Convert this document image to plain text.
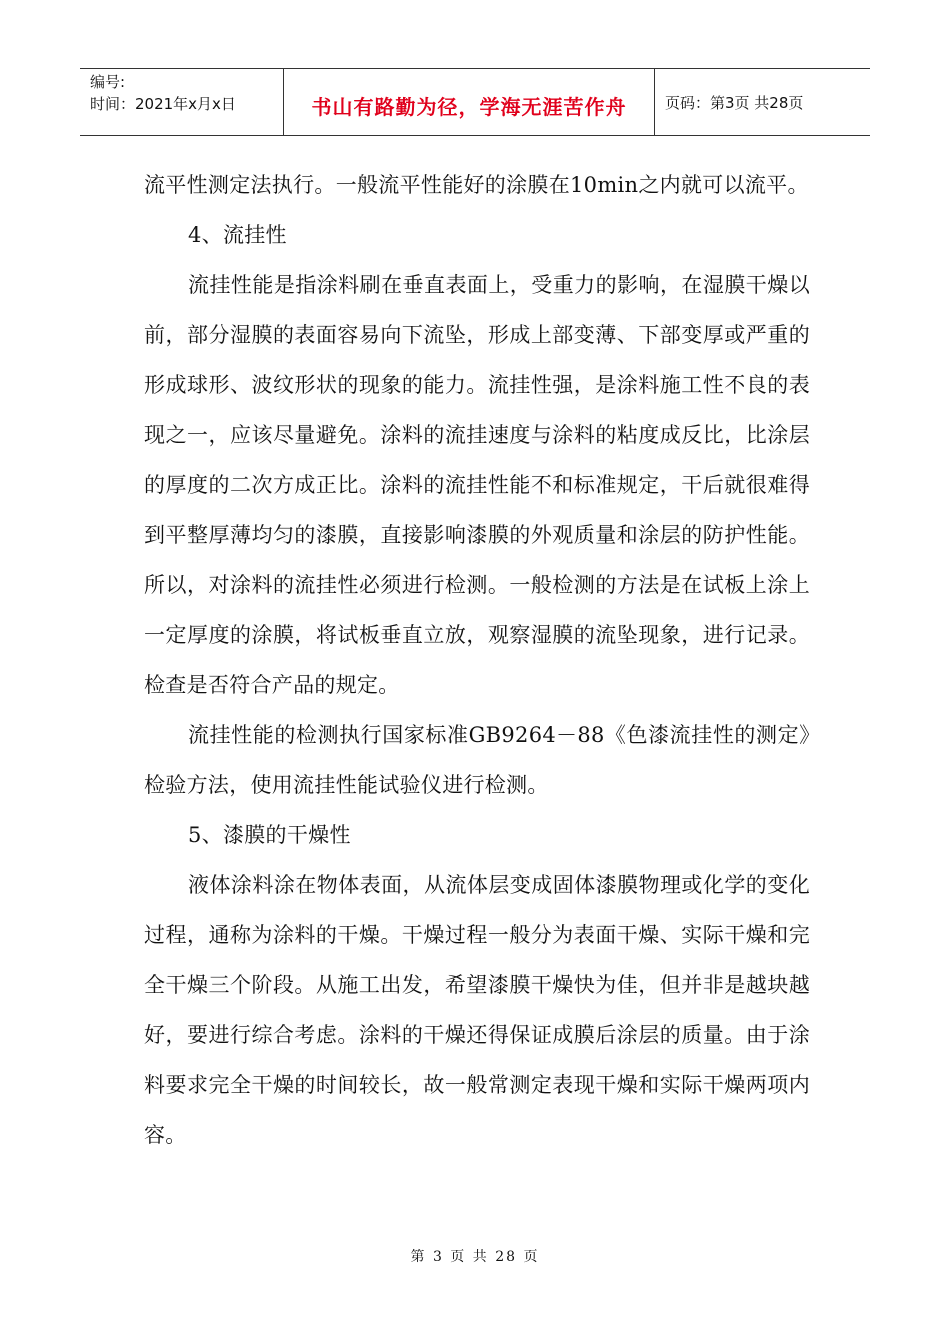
编号:
时间：2021年x月x日	书山有路勤为径，学海无涯苦作舟	页码：第3页 共28页

流平性测定法执行。一般流平性能好的涂膜在10min之内就可以流平。

4、流挂性

流挂性能是指涂料刷在垂直表面上，受重力的影响，在湿膜干燥以前，部分湿膜的表面容易向下流坠，形成上部变薄、下部变厚或严重的形成球形、波纹形状的现象的能力。流挂性强，是涂料施工性不良的表现之一，应该尽量避免。涂料的流挂速度与涂料的粘度成反比，比涂层的厚度的二次方成正比。涂料的流挂性能不和标准规定，干后就很难得到平整厚薄均匀的漆膜，直接影响漆膜的外观质量和涂层的防护性能。所以，对涂料的流挂性必须进行检测。一般检测的方法是在试板上涂上一定厚度的涂膜，将试板垂直立放，观察湿膜的流坠现象，进行记录。检查是否符合产品的规定。

流挂性能的检测执行国家标准GB9264－88《色漆流挂性的测定》检验方法，使用流挂性能试验仪进行检测。

5、漆膜的干燥性

液体涂料涂在物体表面，从流体层变成固体漆膜物理或化学的变化过程，通称为涂料的干燥。干燥过程一般分为表面干燥、实际干燥和完全干燥三个阶段。从施工出发，希望漆膜干燥快为佳，但并非是越块越好，要进行综合考虑。涂料的干燥还得保证成膜后涂层的质量。由于涂料要求完全干燥的时间较长，故一般常测定表现干燥和实际干燥两项内容。

第 3 页 共 28 页
